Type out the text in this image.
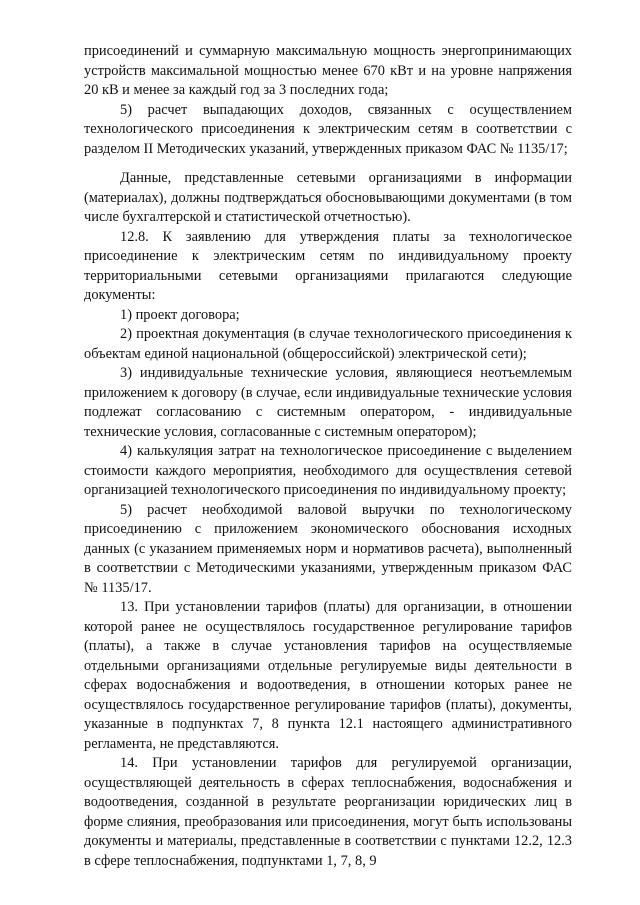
присоединений и суммарную максимальную мощность энергопринимающих устройств максимальной мощностью менее 670 кВт и на уровне напряжения 20 кВ и менее за каждый год за 3 последних года;

5) расчет выпадающих доходов, связанных с осуществлением технологического присоединения к электрическим сетям в соответствии с разделом II Методических указаний, утвержденных приказом ФАС № 1135/17;

Данные, представленные сетевыми организациями в информации (материалах), должны подтверждаться обосновывающими документами (в том числе бухгалтерской и статистической отчетностью).

12.8. К заявлению для утверждения платы за технологическое присоединение к электрическим сетям по индивидуальному проекту территориальными сетевыми организациями прилагаются следующие документы:

1) проект договора;

2) проектная документация (в случае технологического присоединения к объектам единой национальной (общероссийской) электрической сети);

3) индивидуальные технические условия, являющиеся неотъемлемым приложением к договору (в случае, если индивидуальные технические условия подлежат согласованию с системным оператором, - индивидуальные технические условия, согласованные с системным оператором);

4) калькуляция затрат на технологическое присоединение с выделением стоимости каждого мероприятия, необходимого для осуществления сетевой организацией технологического присоединения по индивидуальному проекту;

5) расчет необходимой валовой выручки по технологическому присоединению с приложением экономического обоснования исходных данных (с указанием применяемых норм и нормативов расчета), выполненный в соответствии с Методическими указаниями, утвержденным приказом ФАС № 1135/17.

13. При установлении тарифов (платы) для организации, в отношении которой ранее не осуществлялось государственное регулирование тарифов (платы), а также в случае установления тарифов на осуществляемые отдельными организациями отдельные регулируемые виды деятельности в сферах водоснабжения и водоотведения, в отношении которых ранее не осуществлялось государственное регулирование тарифов (платы), документы, указанные в подпунктах 7, 8 пункта 12.1 настоящего административного регламента, не представляются.

14. При установлении тарифов для регулируемой организации, осуществляющей деятельность в сферах теплоснабжения, водоснабжения и водоотведения, созданной в результате реорганизации юридических лиц в форме слияния, преобразования или присоединения, могут быть использованы документы и материалы, представленные в соответствии с пунктами 12.2, 12.3 в сфере теплоснабжения, подпунктами 1, 7, 8, 9
